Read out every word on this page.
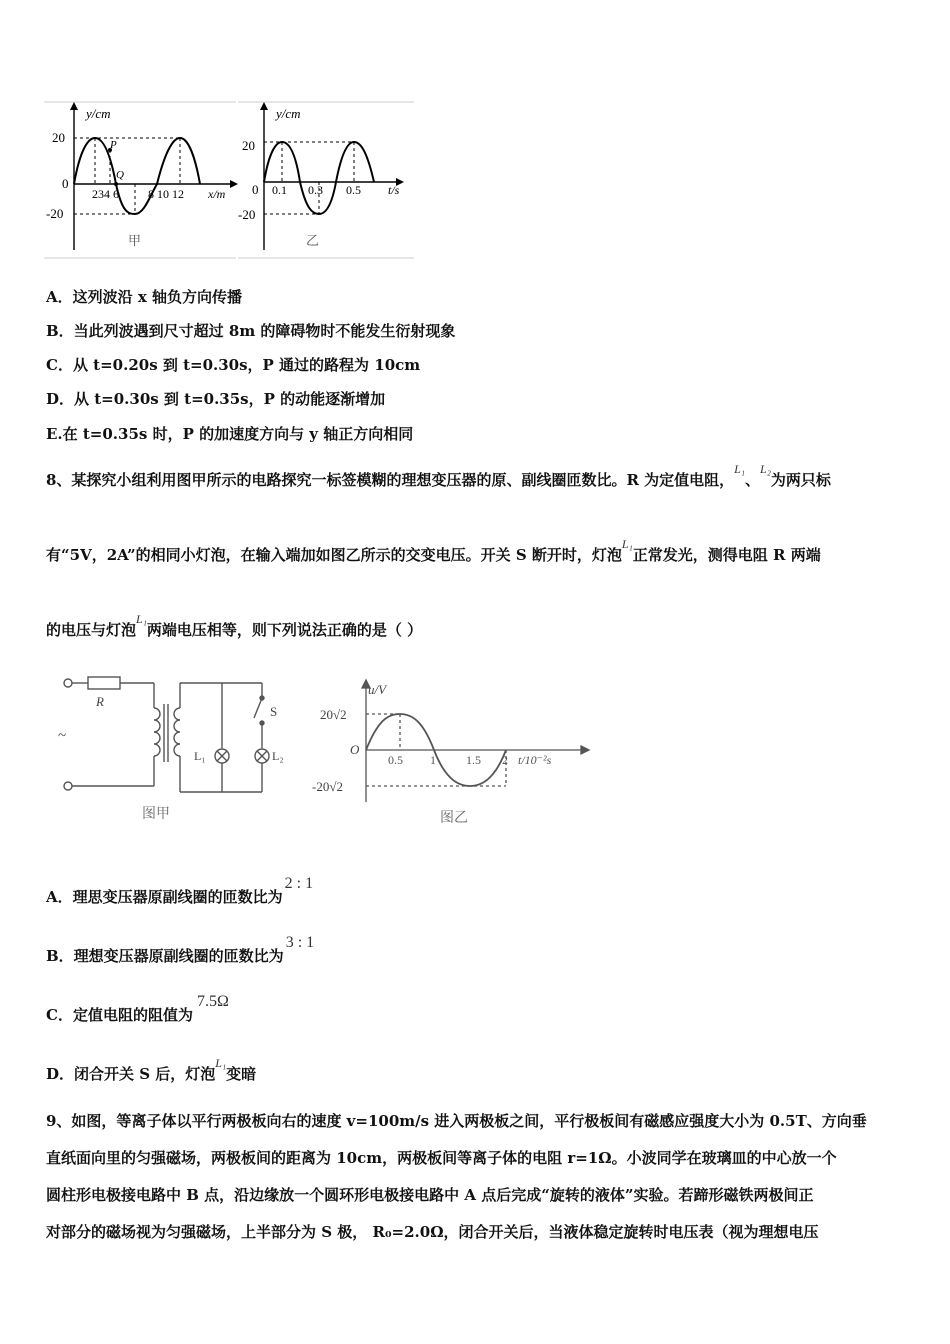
y/cm
20
-20
0
P
Q
234 6 8 10 12 x/m
甲
y/cm
20
-20
0 0.1 0.3 0.5 t/s
乙
A．这列波沿 x 轴负方向传播
B．当此列波遇到尺寸超过 8m 的障碍物时不能发生衍射现象
C．从 t=0.20s 到 t=0.30s，P 通过的路程为 10cm
D．从 t=0.30s 到 t=0.35s，P 的动能逐渐增加
E.在 t=0.35s 时，P 的加速度方向与 y 轴正方向相同
8、某探究小组利用图甲所示的电路探究一标签模糊的理想变压器的原、副线圈匝数比。R 为定值电阻，$^{L_1}$、$^{L_2}$为两只标
有“5V，2A”的相同小灯泡，在输入端加如图乙所示的交变电压。开关 S 断开时，灯泡$^{L_1}$正常发光，测得电阻 R 两端
的电压与灯泡$^{L_1}$两端电压相等，则下列说法正确的是（ ）
R
S
L₁	L₂
~
图甲
u/V
20√2
-20√2
O
0.5 1	1.5 2 t/10⁻²s
图乙
A．理思变压器原副线圈的匝数比为2 : 1
B．理想变压器原副线圈的匝数比为3 : 1
C．定值电阻的阻值为7.5Ω
D．闭合开关 S 后，灯泡$^{L_1}$变暗
9、如图，等离子体以平行两极板向右的速度 v=100m/s 进入两极板之间，平行极板间有磁感应强度大小为 0.5T、方向垂
直纸面向里的匀强磁场，两极板间的距离为 10cm，两极板间等离子体的电阻 r=1Ω。小波同学在玻璃皿的中心放一个
圆柱形电极接电路中 B 点，沿边缘放一个圆环形电极接电路中 A 点后完成“旋转的液体”实验。若蹄形磁铁两极间正
对部分的磁场视为匀强磁场，上半部分为 S 极， R₀=2.0Ω，闭合开关后，当液体稳定旋转时电压表（视为理想电压
